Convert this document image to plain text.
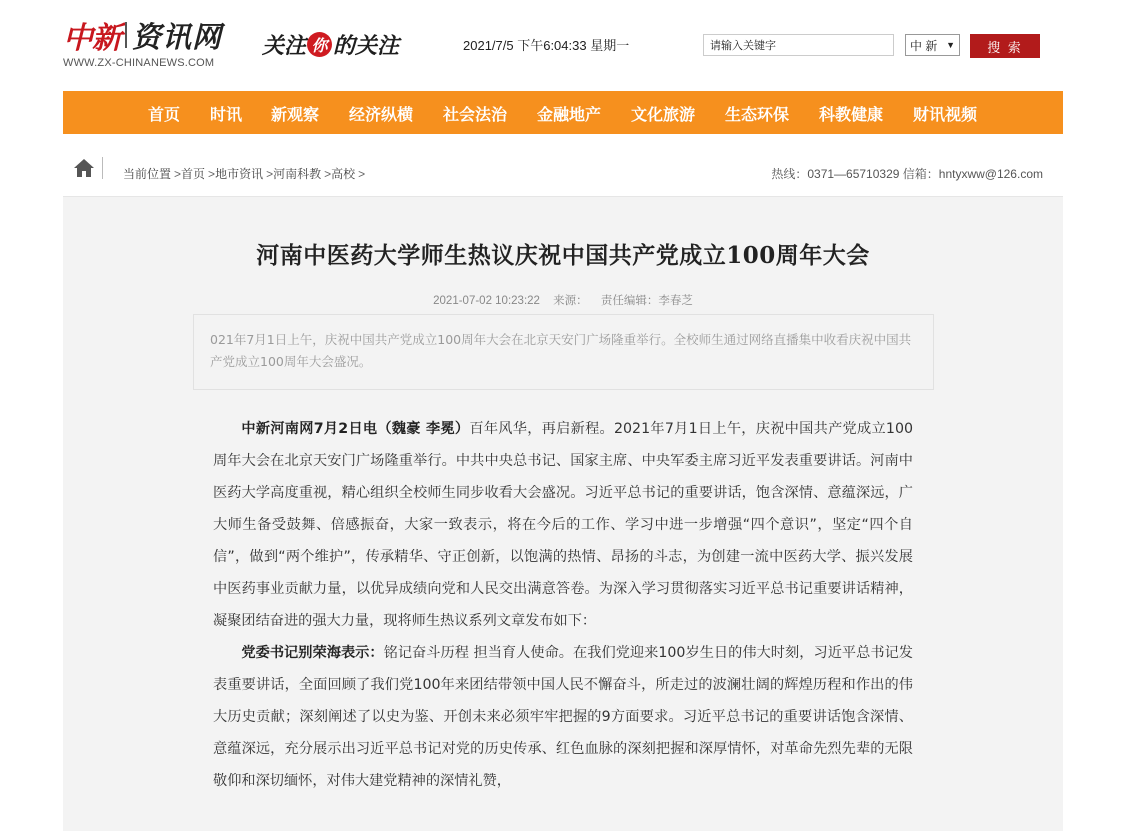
中新 资讯网
WWW.ZX-CHINANEWS.COM
关注 你 的关注	2021/7/5 下午6:04:33 星期一
请输入关键字	中 新 ▼	搜 索
首页 时讯 新观察 经济纵横 社会法治 金融地产 文化旅游 生态环保 科教健康 财讯视频
当前位置 >首页 >地市资讯 >河南科教 >高校 >	热线：0371—65710329 信箱：hntyxww@126.com
河南中医药大学师生热议庆祝中国共产党成立100周年大会
2021-07-02 10:23:22 来源： 责任编辑：李春芝
021年7月1日上午，庆祝中国共产党成立100周年大会在北京天安门广场隆重举行。全校师生通过网络直播集中收看庆祝中国共产党成立100周年大会盛况。

中新河南网7月2日电（魏豪 李冕）百年风华，再启新程。2021年7月1日上午，庆祝中国共产党成立100周年大会在北京天安门广场隆重举行。中共中央总书记、国家主席、中央军委主席习近平发表重要讲话。河南中医药大学高度重视，精心组织全校师生同步收看大会盛况。习近平总书记的重要讲话，饱含深情、意蕴深远，广大师生备受鼓舞、倍感振奋，大家一致表示，将在今后的工作、学习中进一步增强“四个意识”，坚定“四个自信”，做到“两个维护”，传承精华、守正创新，以饱满的热情、昂扬的斗志，为创建一流中医药大学、振兴发展中医药事业贡献力量，以优异成绩向党和人民交出满意答卷。为深入学习贯彻落实习近平总书记重要讲话精神，凝聚团结奋进的强大力量，现将师生热议系列文章发布如下：

党委书记别荣海表示：铭记奋斗历程 担当育人使命。在我们党迎来100岁生日的伟大时刻，习近平总书记发表重要讲话，全面回顾了我们党100年来团结带领中国人民不懈奋斗，所走过的波澜壮阔的辉煌历程和作出的伟大历史贡献；深刻阐述了以史为鉴、开创未来必须牢牢把握的9方面要求。习近平总书记的重要讲话饱含深情、意蕴深远，充分展示出习近平总书记对党的历史传承、红色血脉的深刻把握和深厚情怀，对革命先烈先辈的无限敬仰和深切缅怀，对伟大建党精神的深情礼赞，
